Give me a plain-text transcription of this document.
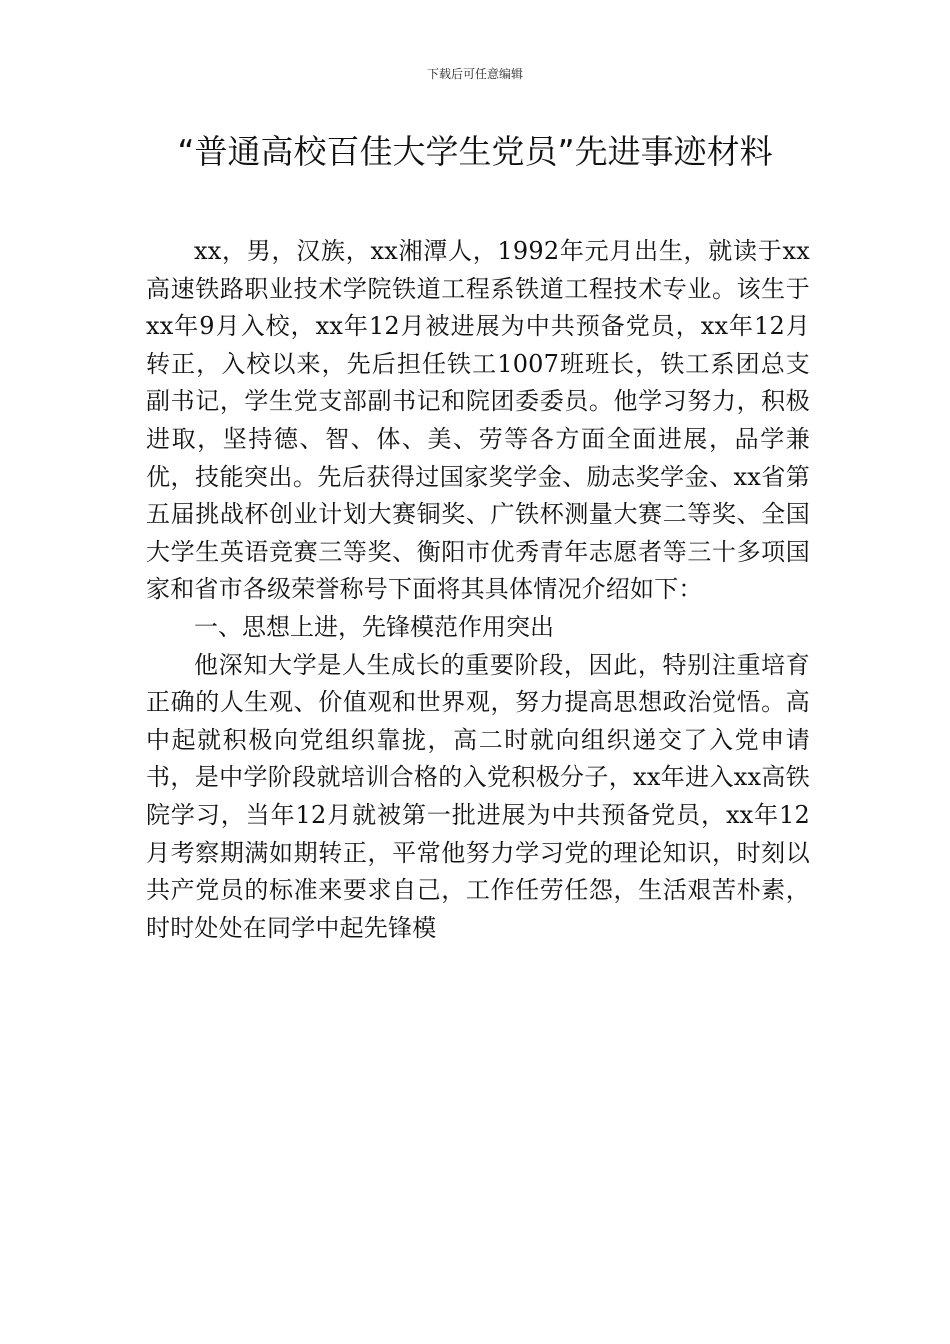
下载后可任意编辑
“普通高校百佳大学生党员”先进事迹材料

xx，男，汉族，xx湘潭人，1992年元月出生，就读于xx高速铁路职业技术学院铁道工程系铁道工程技术专业。该生于xx年9月入校，xx年12月被进展为中共预备党员，xx年12月转正，入校以来，先后担任铁工1007班班长，铁工系团总支副书记，学生党支部副书记和院团委委员。他学习努力，积极进取，坚持德、智、体、美、劳等各方面全面进展，品学兼优，技能突出。先后获得过国家奖学金、励志奖学金、xx省第五届挑战杯创业计划大赛铜奖、广铁杯测量大赛二等奖、全国大学生英语竞赛三等奖、衡阳市优秀青年志愿者等三十多项国家和省市各级荣誉称号下面将其具体情况介绍如下：

一、思想上进，先锋模范作用突出

他深知大学是人生成长的重要阶段，因此，特别注重培育正确的人生观、价值观和世界观，努力提高思想政治觉悟。高中起就积极向党组织靠拢，高二时就向组织递交了入党申请书，是中学阶段就培训合格的入党积极分子，xx年进入xx高铁院学习，当年12月就被第一批进展为中共预备党员，xx年12月考察期满如期转正，平常他努力学习党的理论知识，时刻以共产党员的标准来要求自己，工作任劳任怨，生活艰苦朴素，时时处处在同学中起先锋模
